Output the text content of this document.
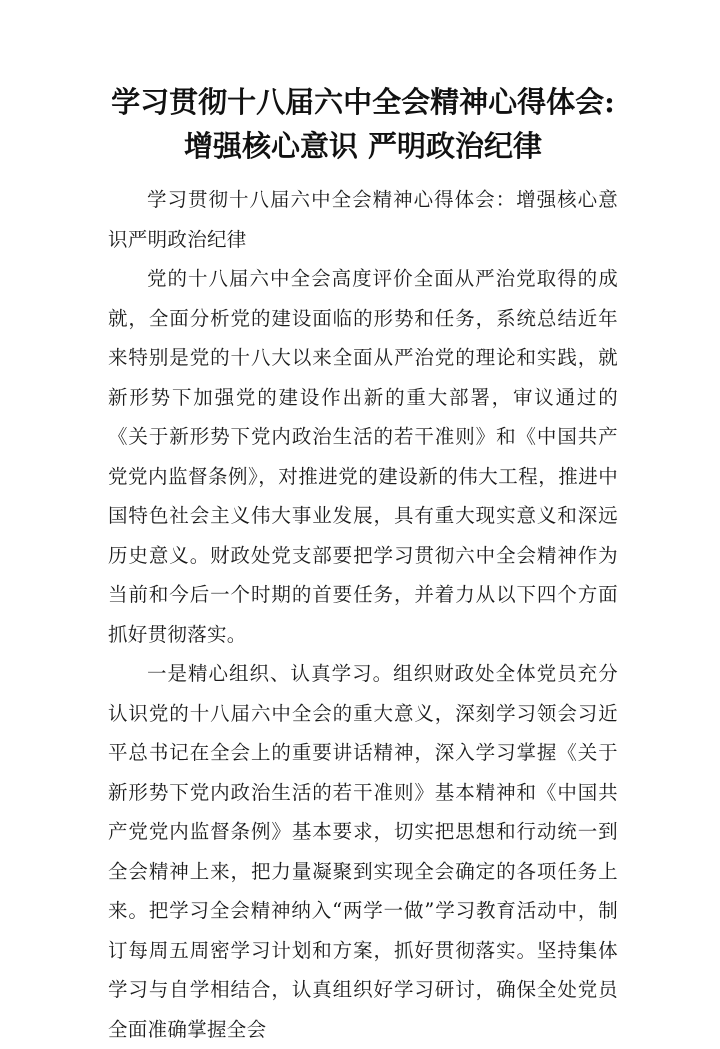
学习贯彻十八届六中全会精神心得体会:
增强核心意识 严明政治纪律

学习贯彻十八届六中全会精神心得体会：增强核心意识严明政治纪律

党的十八届六中全会高度评价全面从严治党取得的成就，全面分析党的建设面临的形势和任务，系统总结近年来特别是党的十八大以来全面从严治党的理论和实践，就新形势下加强党的建设作出新的重大部署，审议通过的《关于新形势下党内政治生活的若干准则》和《中国共产党党内监督条例》，对推进党的建设新的伟大工程，推进中国特色社会主义伟大事业发展，具有重大现实意义和深远历史意义。财政处党支部要把学习贯彻六中全会精神作为当前和今后一个时期的首要任务，并着力从以下四个方面抓好贯彻落实。

一是精心组织、认真学习。组织财政处全体党员充分认识党的十八届六中全会的重大意义，深刻学习领会习近平总书记在全会上的重要讲话精神，深入学习掌握《关于新形势下党内政治生活的若干准则》基本精神和《中国共产党党内监督条例》基本要求，切实把思想和行动统一到全会精神上来，把力量凝聚到实现全会确定的各项任务上来。把学习全会精神纳入“两学一做”学习教育活动中，制订每周五周密学习计划和方案，抓好贯彻落实。坚持集体学习与自学相结合，认真组织好学习研讨，确保全处党员全面准确掌握全会
